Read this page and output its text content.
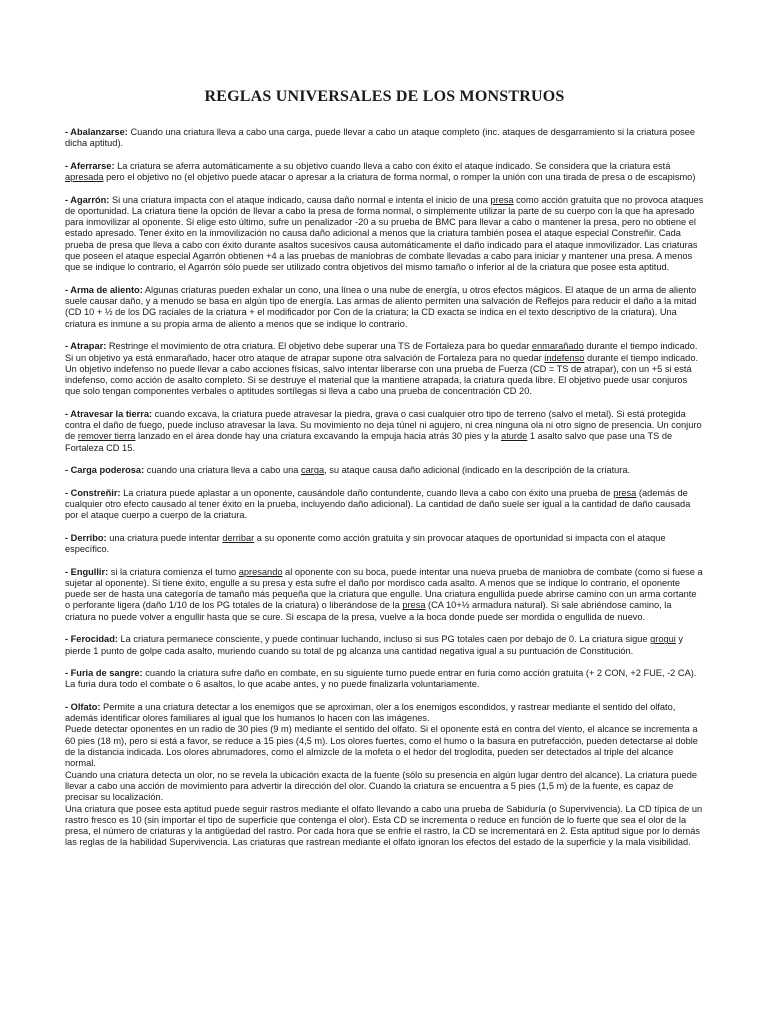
REGLAS UNIVERSALES DE LOS MONSTRUOS

- Abalanzarse: Cuando una criatura lleva a cabo una carga, puede llevar a cabo un ataque completo (inc. ataques de desgarramiento si la criatura posee dicha aptitud).

- Aferrarse: La criatura se aferra automáticamente a su objetivo cuando lleva a cabo con éxito el ataque indicado. Se considera que la criatura está apresada pero el objetivo no (el objetivo puede atacar o apresar a la criatura de forma normal, o romper la unión con una tirada de presa o de escapismo)

- Agarrón: Si una criatura impacta con el ataque indicado, causa daño normal e intenta el inicio de una presa como acción gratuita que no provoca ataques de oportunidad. La criatura tiene la opción de llevar a cabo la presa de forma normal, o simplemente utilizar la parte de su cuerpo con la que ha apresado para inmovilizar al oponente. Si elige esto último, sufre un penalizador -20 a su prueba de BMC para llevar a cabo o mantener la presa, pero no obtiene el estado apresado. Tener éxito en la inmovilización no causa daño adicional a menos que la criatura también posea el ataque especial Constreñir. Cada prueba de presa que lleva a cabo con éxito durante asaltos sucesivos causa automáticamente el daño indicado para el ataque inmovilizador. Las criaturas que poseen el ataque especial Agarrón obtienen +4 a las pruebas de maniobras de combate llevadas a cabo para iniciar y mantener una presa. A menos que se indique lo contrario, el Agarrón sólo puede ser utilizado contra objetivos del mismo tamaño o inferior al de la criatura que posee esta aptitud.

- Arma de aliento: Algunas criaturas pueden exhalar un cono, una línea o una nube de energía, u otros efectos mágicos. El ataque de un arma de aliento suele causar daño, y a menudo se basa en algún tipo de energía. Las armas de aliento permiten una salvación de Reflejos para reducir el daño a la mitad (CD 10 + ½ de los DG raciales de la criatura + el modificador por Con de la criatura; la CD exacta se indica en el texto descriptivo de la criatura). Una criatura es inmune a su propia arma de aliento a menos que se indique lo contrario.

- Atrapar: Restringe el movimiento de otra criatura. El objetivo debe superar una TS de Fortaleza para bo quedar enmarañado durante el tiempo indicado. Si un objetivo ya está enmarañado, hacer otro ataque de atrapar supone otra salvación de Fortaleza para no quedar indefenso durante el tiempo indicado. Un objetivo indefenso no puede llevar a cabo acciones físicas, salvo intentar liberarse con una prueba de Fuerza (CD = TS de atrapar), con un +5 si está indefenso, como acción de asalto completo. Si se destruye el material que la mantiene atrapada, la criatura queda libre. El objetivo puede usar conjuros que solo tengan componentes verbales o aptitudes sortílegas si lleva a cabo una prueba de concentración CD 20.

- Atravesar la tierra: cuando excava, la criatura puede atravesar la piedra, grava o casi cualquier otro tipo de terreno (salvo el metal). Si está protegida contra el daño de fuego, puede incluso atravesar la lava. Su movimiento no deja túnel ni agujero, ni crea ninguna ola ni otro signo de presencia. Un conjuro de remover tierra lanzado en el área donde hay una criatura excavando la empuja hacia atrás 30 pies y la aturde 1 asalto salvo que pase una TS de Fortaleza CD 15.

- Carga poderosa: cuando una criatura lleva a cabo una carga, su ataque causa daño adicional (indicado en la descripción de la criatura.

- Constreñir: La criatura puede aplastar a un oponente, causándole daño contundente, cuando lleva a cabo con éxito una prueba de presa (además de cualquier otro efecto causado al tener éxito en la prueba, incluyendo daño adicional). La cantidad de daño suele ser igual a la cantidad de daño causada por el ataque cuerpo a cuerpo de la criatura.

- Derribo: una criatura puede intentar derribar a su oponente como acción gratuita y sin provocar ataques de oportunidad si impacta con el ataque específico.

- Engullir: si la criatura comienza el turno apresando al oponente con su boca, puede intentar una nueva prueba de maniobra de combate (como si fuese a sujetar al oponente). Si tiene éxito, engulle a su presa y esta sufre el daño por mordisco cada asalto. A menos que se indique lo contrario, el oponente puede ser de hasta una categoría de tamaño más pequeña que la criatura que engulle. Una criatura engullida puede abrirse camino con un arma cortante o perforante ligera (daño 1/10 de los PG totales de la criatura) o liberándose de la presa (CA 10+½ armadura natural). Si sale abriéndose camino, la criatura no puede volver a engullir hasta que se cure. Si escapa de la presa, vuelve a la boca donde puede ser mordida o engullida de nuevo.

- Ferocidad: La criatura permanece consciente, y puede continuar luchando, incluso si sus PG totales caen por debajo de 0. La criatura sigue grogui y pierde 1 punto de golpe cada asalto, muriendo cuando su total de pg alcanza una cantidad negativa igual a su puntuación de Constitución.

- Furia de sangre: cuando la criatura sufre daño en combate, en su siguiente turno puede entrar en furia como acción gratuita (+ 2 CON, +2 FUE, -2 CA). La furia dura todo el combate o 6 asaltos, lo que acabe antes, y no puede finalizarla voluntariamente.

- Olfato: Permite a una criatura detectar a los enemigos que se aproximan, oler a los enemigos escondidos, y rastrear mediante el sentido del olfato, además identificar olores familiares al igual que los humanos lo hacen con las imágenes.

Puede detectar oponentes en un radio de 30 pies (9 m) mediante el sentido del olfato. Si el oponente está en contra del viento, el alcance se incrementa a 60 pies (18 m), pero si está a favor, se reduce a 15 pies (4,5 m). Los olores fuertes, como el humo o la basura en putrefacción, pueden detectarse al doble de la distancia indicada. Los olores abrumadores, como el almizcle de la mofeta o el hedor del troglodita, pueden ser detectados al triple del alcance normal.

Cuando una criatura detecta un olor, no se revela la ubicación exacta de la fuente (sólo su presencia en algún lugar dentro del alcance). La criatura puede llevar a cabo una acción de movimiento para advertir la dirección del olor. Cuando la criatura se encuentra a 5 pies (1,5 m) de la fuente, es capaz de precisar su localización.

Una criatura que posee esta aptitud puede seguir rastros mediante el olfato llevando a cabo una prueba de Sabiduría (o Supervivencia). La CD típica de un rastro fresco es 10 (sin importar el tipo de superficie que contenga el olor). Esta CD se incrementa o reduce en función de lo fuerte que sea el olor de la presa, el número de criaturas y la antigüedad del rastro. Por cada hora que se enfríe el rastro, la CD se incrementará en 2. Esta aptitud sigue por lo demás las reglas de la habilidad Supervivencia. Las criaturas que rastrean mediante el olfato ignoran los efectos del estado de la superficie y la mala visibilidad.
